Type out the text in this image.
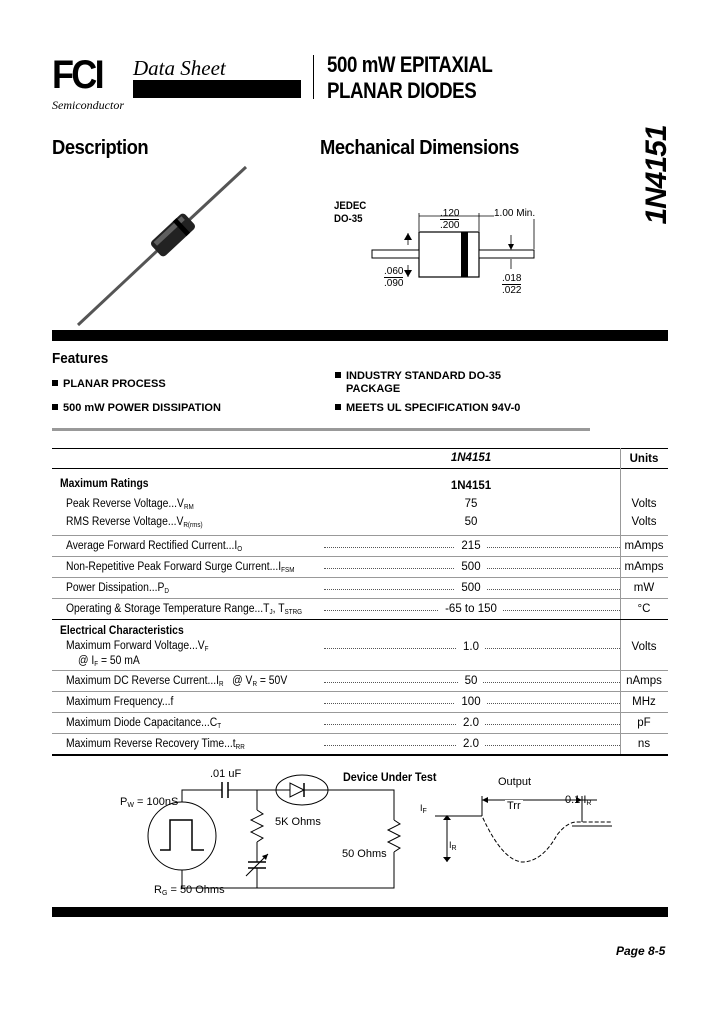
FCI
Semiconductor
Data Sheet	500 mW EPITAXIAL
PLANAR DIODES
Description	Mechanical Dimensions	1N4151
JEDEC
DO-35	.120
.200
1.00 Min.
.060
.090	.018
.022
Features
PLANAR PROCESS
500 mW POWER DISSIPATION
INDUSTRY STANDARD DO-35
PACKAGE
MEETS UL SPECIFICATION 94V-0
1N4151	Units
Maximum Ratings	1N4151
Peak Reverse $Voltage...V_{RM}$	75	Volts
RMS Reverse $Voltage...V_{R(rms)}$	50	Volts
Average Forward Rectified $Current...I_O$	215	mAmps
Non-Repetitive Peak Forward Surge $Current...I_{FSM}$	500	mAmps
Power $Dissipation...P_D$	500	mW
Operating & Storage Temperature $Range...T_J$, $T_{STRG}$	-65 to 150	°C
Electrical Characteristics
Maximum Forward $Voltage...V_F$
@ $I_F = 50$ mA
1.0	Volts
Maximum DC Reverse $Current...I_R$   @ $V_R = 50V$	50	nAmps
Maximum Frequency...f	100	MHz
Maximum Diode $Capacitance...C_T$	2.0	pF
Maximum Reverse Recovery $Time...t_{RR}$	2.0	ns
.01 uF	Device Under Test
$P_W = 100nS$
5K Ohms
50 Ohms
$R_G = 50$ Ohms
Output
Trr	0.1 $I_R$
$I_F$
$I_R$
Page 8-5
